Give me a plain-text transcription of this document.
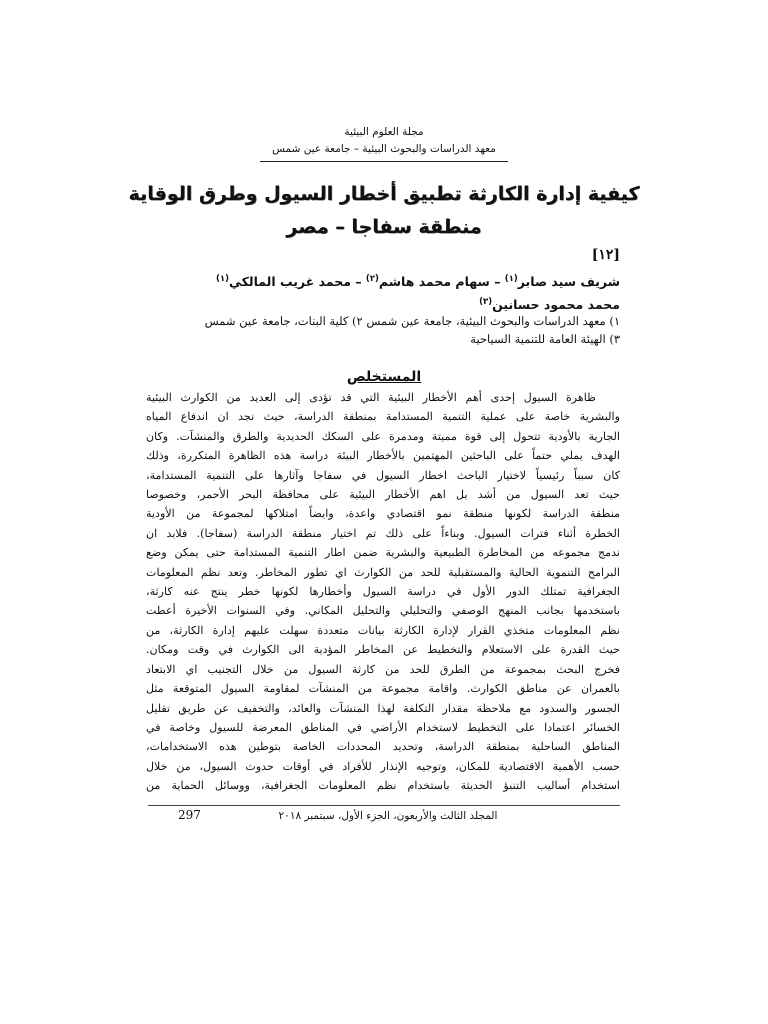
مجلة العلوم البيئية
معهد الدراسات والبحوث البيئية – جامعة عين شمس
كيفية إدارة الكارثة تطبيق أخطار السيول وطرق الوقاية
منطقة سفاجا – مصر
[١٢]
شريف سيد صابر$^{(١)}$ – سهام محمد هاشم$^{(٢)}$ – محمد غريب المالكي$^{(١)}$
محمد محمود حسانين$^{(٣)}$
١) معهد الدراسات والبحوث البيئية، جامعة عين شمس ٢) كلية البنات، جامعة عين شمس
٣) الهيئة العامة للتنمية السياحية
المستخلص
ظاهرة السيول إحدى أهم الأخطار البيئية التي قد تؤدى إلى العديد من الكوارث البيئية
والبشرية خاصة على عملية التنمية المستدامة بمنطقة الدراسة، حيث نجد ان اندفاع المياه
الجارية بالأودية تتحول إلى قوة مميتة ومدمرة على السكك الحديدية والطرق والمنشآت. وكان
الهدف يملي حتماً على الباحثين المهتمين بالأخطار البيئة دراسة هذه الظاهرة المتكررة، وذلك
كان سبباً رئيسياً لاختيار الباحث اخطار السيول في سفاجا وآثارها على التنمية المستدامة،
حيث تعد السيول من أشد بل اهم الأخطار البيئية على محافظة البحر الأحمر، وخصوصا
منطقة الدراسة لكونها منطقة نمو اقتصادي واعدة، وايضاً امتلاكها لمجموعة من الأودية
الخطرة أثناء فترات السيول. وبناءاً على ذلك تم اختيار منطقة الدراسة (سفاجا). فلابد ان
ندمج مجموعه من المخاطرة الطبيعية والبشرية ضمن اطار التنمية المستدامة حتى يمكن وضع
البرامج التنموية الحالية والمستقبلية للحد من الكوارث اي تطور المخاطر. وتعد نظم المعلومات
الجغرافية تمتلك الدور الأول في دراسة السيول وأخطارها لكونها خطر ينتج عنه كارثة،
باستخدمها بجانب المنهج الوصفي والتحليلي والتحليل المكاني. وفي السنوات الأخيرة أعطت
نظم المعلومات متخذي القرار لإدارة الكارثة بيانات متعددة سهلت عليهم إدارة الكارثة، من
حيث القدرة على الاستعلام والتخطيط عن المخاطر المؤدية الى الكوارث في وقت ومكان.
فخرج البحث بمجموعة من الطرق للحد من كارثة السيول من خلال التجنيب اي الابتعاد
بالعمران عن مناطق الكوارث. واقامة مجموعة من المنشآت لمقاومة السيول المتوقعة مثل
الجسور والسدود مع ملاحظة مقدار التكلفة لهذا المنشآت والعائد، والتخفيف عن طريق تقليل
الخسائر اعتمادا على التخطيط لاستخدام الأراضي في المناطق المعرضة للسيول وخاصة في
المناطق الساحلية بمنطقة الدراسة، وتحديد المحددات الخاصة بتوطين هذه الاستخدامات،
حسب الأهمية الاقتصادية للمكان، وتوجيه الإنذار للأفراد في أوقات حدوث السيول، من خلال
استخدام أساليب التنبؤ الحديثة باستخدام نظم المعلومات الجغرافية، ووسائل الحماية من
المجلد الثالث والأربعون، الجزء الأول، سبتمبر ٢٠١٨
297
